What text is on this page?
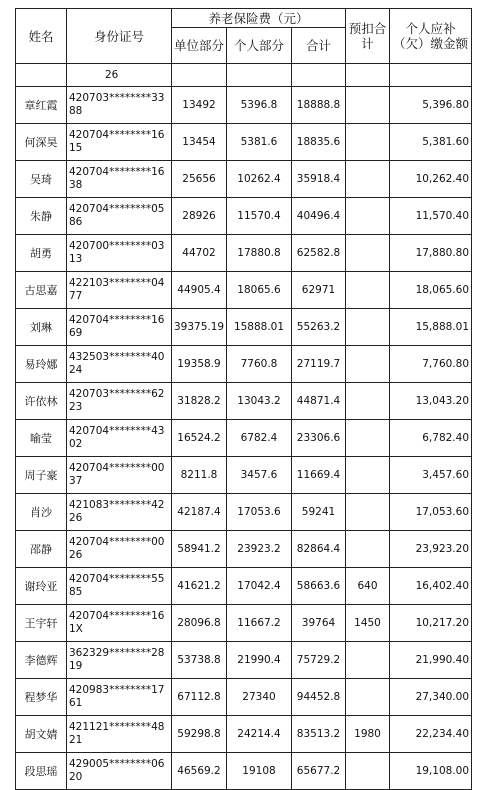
姓名	身份证号	养老保险费（元）			预扣合计	个人应补（欠）缴金额
		单位部分	个人部分	合计		
	26					
章红霞	420703********3388	13492	5396.8	18888.8		5,396.80
何深昊	420704********1615	13454	5381.6	18835.6		5,381.60
吴琦	420704********1638	25656	10262.4	35918.4		10,262.40
朱静	420704********0586	28926	11570.4	40496.4		11,570.40
胡勇	420700********0313	44702	17880.8	62582.8		17,880.80
古思嘉	422103********0477	44905.4	18065.6	62971		18,065.60
刘琳	420704********1669	39375.19	15888.01	55263.2		15,888.01
易玲娜	432503********4024	19358.9	7760.8	27119.7		7,760.80
许依林	420703********6223	31828.2	13043.2	44871.4		13,043.20
喻莹	420704********4302	16524.2	6782.4	23306.6		6,782.40
周子豪	420704********0037	8211.8	3457.6	11669.4		3,457.60
肖沙	421083********4226	42187.4	17053.6	59241		17,053.60
邵静	420704********0026	58941.2	23923.2	82864.4		23,923.20
谢玲亚	420704********5585	41621.2	17042.4	58663.6	640	16,402.40
王宇轩	420704********161X	28096.8	11667.2	39764	1450	10,217.20
李德辉	362329********2819	53738.8	21990.4	75729.2		21,990.40
程梦华	420983********1761	67112.8	27340	94452.8		27,340.00
胡文婧	421121********4821	59298.8	24214.4	83513.2	1980	22,234.40
段思瑶	429005********0620	46569.2	19108	65677.2		19,108.00
